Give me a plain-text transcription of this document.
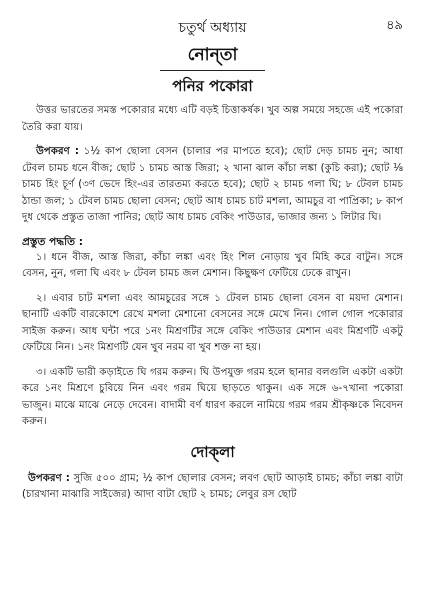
চতুর্থ অধ্যায়	৪৯
নোন্‌তা
পনির পকোরা

উত্তর ভারতের সমস্ত পকোরার মধ্যে এটি বড়ই চিত্তাকর্ষক। খুব অল্প সময়ে সহজে এই পকোরা তৈরি করা যায়।

উপকরণ : ১½ কাপ ছোলা বেসন (চালার পর মাপতে হবে); ছোট দেড় চামচ নুন; আধা টেবল চামচ ধনে বীজ; ছোট ১ চামচ আস্ত জিরা; ২ খানা ঝাল কাঁচা লঙ্কা (কুচি করা); ছোট ⅛ চামচ হিং চূর্ণ (৩ণ ভেদে হিং-এর তারতম্য করতে হবে); ছোট ২ চামচ গলা ঘি; ৮ টেবল চামচ ঠান্ডা জল; ১ টেবল চামচ ছোলা বেসন; ছোট আধ চামচ চাট মশলা, আমচুর বা পাপ্রিকা; ৮ কাপ দুধ থেকে প্রস্তুত তাজা পানির; ছোট আধ চামচ বেকিং পাউডার, ভাজার জন্য ১ লিটার ঘি।

প্রস্তুত পদ্ধতি :

১। ধনে বীজ, আস্ত জিরা, কাঁচা লঙ্কা এবং হিং শিল নোড়ায় খুব মিহি করে বাটুন। সঙ্গে বেসন, নুন, গলা ঘি এবং ৮ টেবল চামচ জল মেশান। কিছুক্ষণ ফেটিয়ে ঢেকে রাখুন।

২। এবার চাট মশলা এবং আমচুরের সঙ্গে ১ টেবল চামচ ছোলা বেসন বা ময়দা মেশান। ছানাটি একটি বারকোশে রেখে মশলা মেশানো বেসনের সঙ্গে মেখে নিন। গোল গোল পকোরার সাইজ করুন। আধ ঘন্টা পরে ১নং মিশ্রণটির সঙ্গে বেকিং পাউডার মেশান এবং মিশ্রণটি একটু ফেটিয়ে নিন। ১নং মিশ্রণটি যেন খুব নরম বা খুব শক্ত না হয়।

৩। একটি ভারী কড়াইতে ঘি গরম করুন। ঘি উপযুক্ত গরম হলে ছানার বলগুলি একটা একটা করে ১নং মিশ্রণে চুবিয়ে নিন এবং গরম ঘিয়ে ছাড়তে থাকুন। এক সঙ্গে ৬-৭খানা পকোরা ভাজুন। মাঝে মাঝে নেড়ে দেবেন। বাদামী বর্ণ ধারণ করলে নামিয়ে গরম গরম শ্রীকৃষ্ণকে নিবেদন করুন।

দোক্‌লা

উপকরণ : সুজি ৫০০ গ্রাম; ½ কাপ ছোলার বেসন; লবণ ছোট আড়াই চামচ; কাঁচা লঙ্কা বাটা (চারখানা মাঝারি সাইজের) আদা বাটা ছোট ২ চামচ; লেবুর রস ছোট
